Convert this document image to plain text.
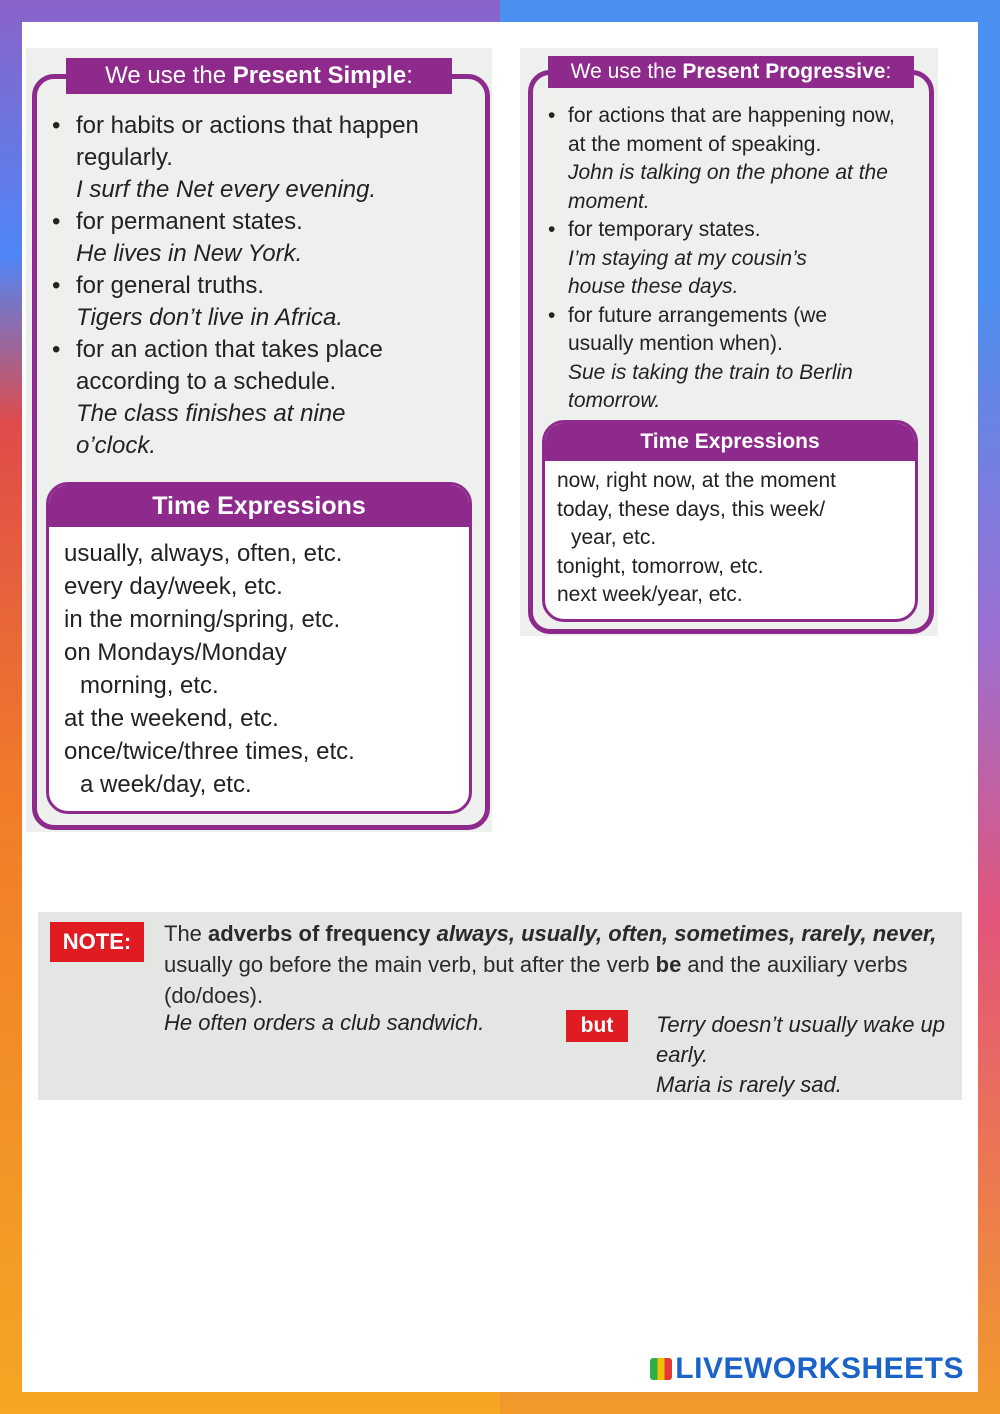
We use the Present Simple:
• for habits or actions that happen regularly.
I surf the Net every evening.
• for permanent states.
He lives in New York.
• for general truths.
Tigers don’t live in Africa.
• for an action that takes place according to a schedule.
The class finishes at nine o’clock.
Time Expressions
usually, always, often, etc.
every day/week, etc.
in the morning/spring, etc.
on Mondays/Monday
morning, etc.
at the weekend, etc.
once/twice/three times, etc.
a week/day, etc.
We use the Present Progressive:
• for actions that are happening now, at the moment of speaking.
John is talking on the phone at the moment.
• for temporary states.
I’m staying at my cousin’s house these days.
• for future arrangements (we usually mention when).
Sue is taking the train to Berlin tomorrow.
Time Expressions
now, right now, at the moment
today, these days, this week/
year, etc.
tonight, tomorrow, etc.
next week/year, etc.
NOTE:	The adverbs of frequency always, usually, often, sometimes, rarely, never, usually go before the main verb, but after the verb be and the auxiliary verbs (do/does).
He often orders a club sandwich.	but	Terry doesn’t usually wake up early.
Maria is rarely sad.
LIVEWORKSHEETS
